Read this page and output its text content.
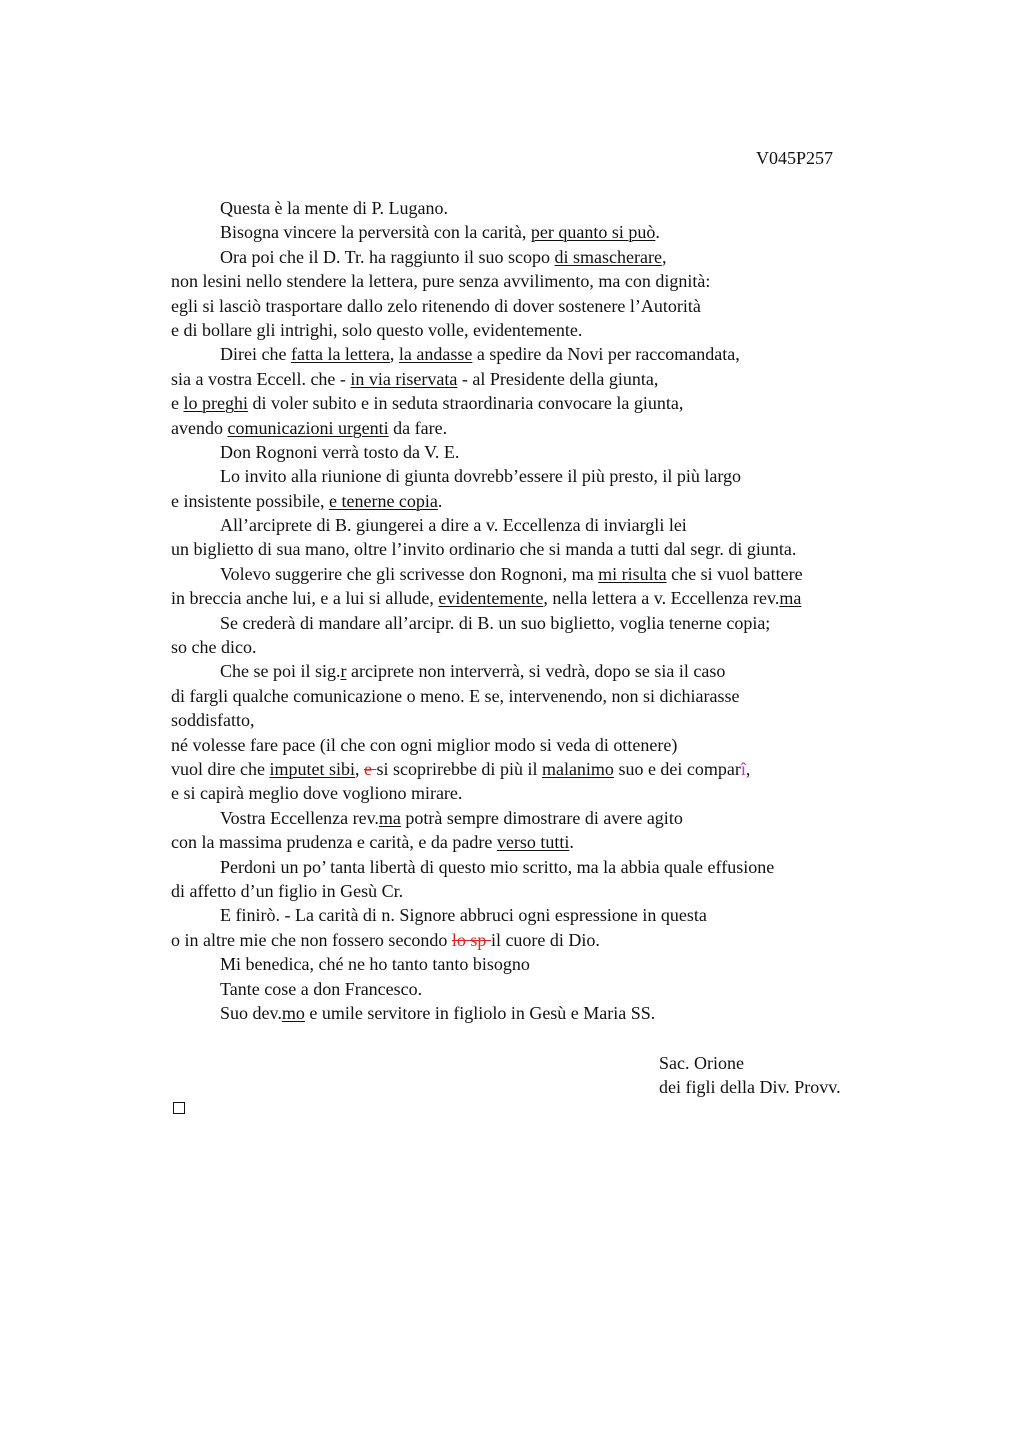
V045P257
Questa è la mente di P. Lugano.
Bisogna vincere la perversità con la carità, per quanto si può.
Ora poi che il D. Tr. ha raggiunto il suo scopo di smascherare,
non lesini nello stendere la lettera, pure senza avvilimento, ma con dignità:
egli si lasciò trasportare dallo zelo ritenendo di dover sostenere l’Autorità
e di bollare gli intrighi, solo questo volle, evidentemente.
Direi che fatta la lettera, la andasse a spedire da Novi per raccomandata,
sia a vostra Eccell. che - in via riservata - al Presidente della giunta,
e lo preghi di voler subito e in seduta straordinaria convocare la giunta,
avendo comunicazioni urgenti da fare.
Don Rognoni verrà tosto da V. E.
Lo invito alla riunione di giunta dovrebb’essere il più presto, il più largo
e insistente possibile, e tenerne copia.
All’arciprete di B. giungerei a dire a v. Eccellenza di inviargli lei
un biglietto di sua mano, oltre l’invito ordinario che si manda a tutti dal segr. di giunta.
Volevo suggerire che gli scrivesse don Rognoni, ma mi risulta che si vuol battere
in breccia anche lui, e a lui si allude, evidentemente, nella lettera a v. Eccellenza rev.ma
Se crederà di mandare all’arcipr. di B. un suo biglietto, voglia tenerne copia;
so che dico.
Che se poi il sig.r arciprete non interverrà, si vedrà, dopo se sia il caso
di fargli qualche comunicazione o meno. E se, intervenendo, non si dichiarasse
soddisfatto,
né volesse fare pace (il che con ogni miglior modo si veda di ottenere)
vuol dire che imputet sibi, e si scoprirebbe di più il malanimo suo e dei comparî,
e si capirà meglio dove vogliono mirare.
Vostra Eccellenza rev.ma potrà sempre dimostrare di avere agito
con la massima prudenza e carità, e da padre verso tutti.
Perdoni un po’ tanta libertà di questo mio scritto, ma la abbia quale effusione
di affetto d’un figlio in Gesù Cr.
E finirò. - La carità di n. Signore abbruci ogni espressione in questa
o in altre mie che non fossero secondo lo sp il cuore di Dio.
Mi benedica, ché ne ho tanto tanto bisogno
Tante cose a don Francesco.
Suo dev.mo e umile servitore in figliolo in Gesù e Maria SS.
Sac. Orione
dei figli della Div. Provv.
